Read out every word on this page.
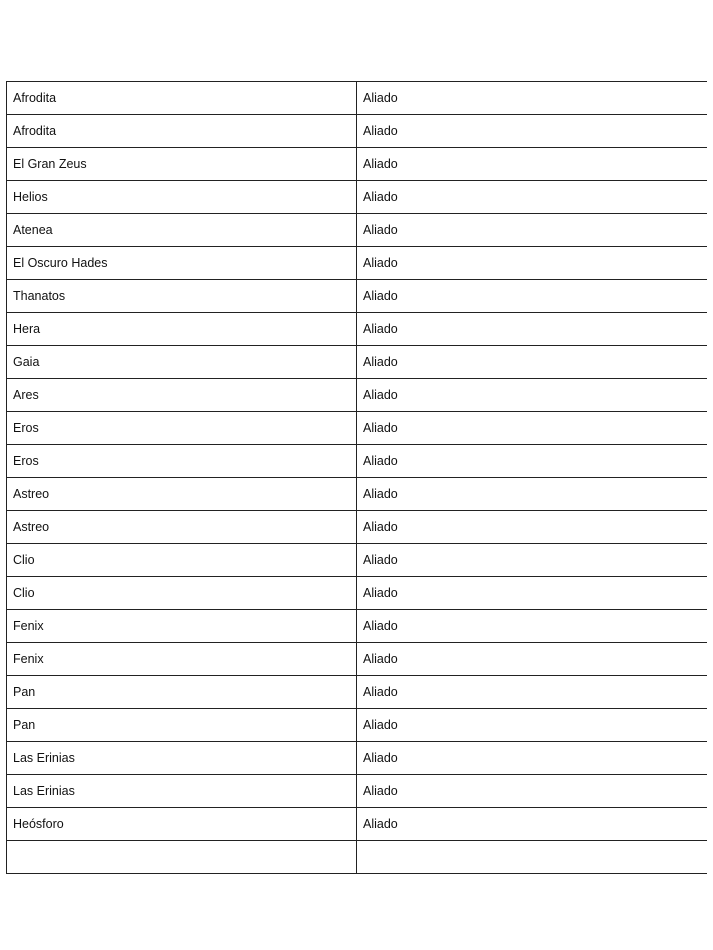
Afrodita	Aliado
Afrodita	Aliado
El Gran Zeus	Aliado
Helios	Aliado
Atenea	Aliado
El Oscuro Hades	Aliado
Thanatos	Aliado
Hera	Aliado
Gaia	Aliado
Ares	Aliado
Eros	Aliado
Eros	Aliado
Astreo	Aliado
Astreo	Aliado
Clio	Aliado
Clio	Aliado
Fenix	Aliado
Fenix	Aliado
Pan	Aliado
Pan	Aliado
Las Erinias	Aliado
Las Erinias	Aliado
Heósforo	Aliado
